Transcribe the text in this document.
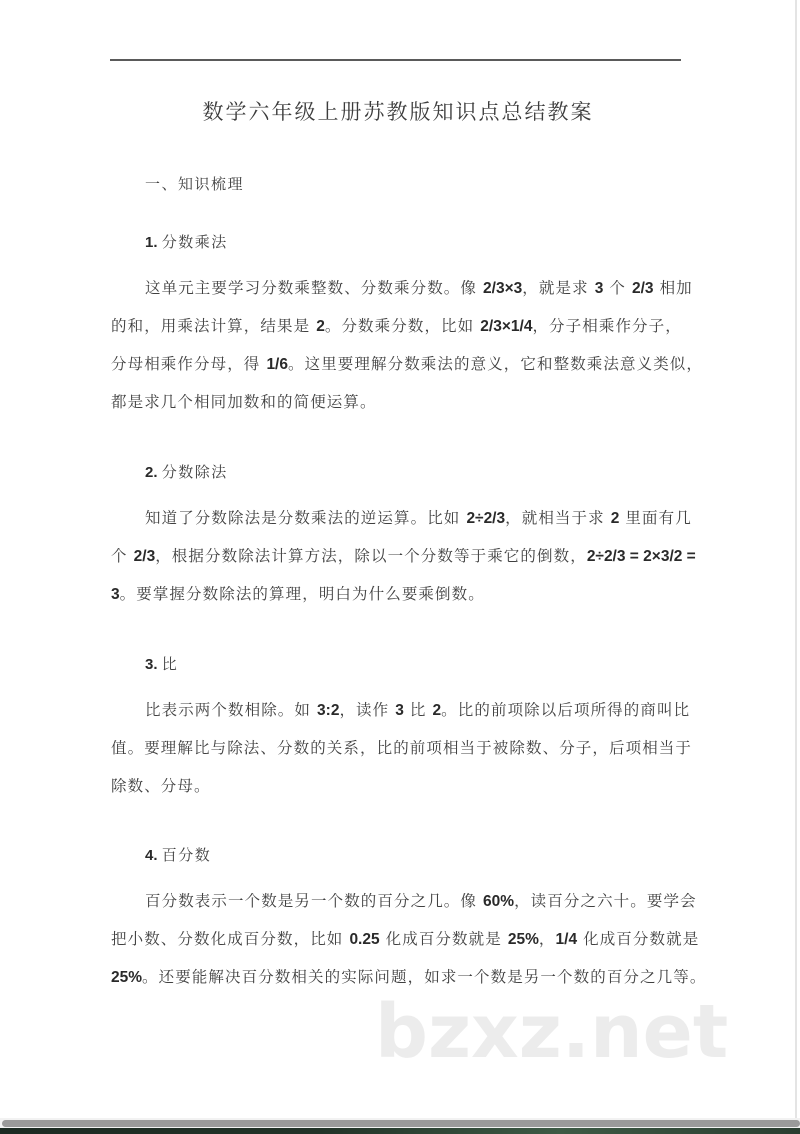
数学六年级上册苏教版知识点总结教案
一、知识梳理
1. 分数乘法
这单元主要学习分数乘整数、分数乘分数。像 2/3×3，就是求 3 个 2/3 相加
的和，用乘法计算，结果是 2。分数乘分数，比如 2/3×1/4，分子相乘作分子，
分母相乘作分母，得 1/6。这里要理解分数乘法的意义，它和整数乘法意义类似，
都是求几个相同加数和的简便运算。
2. 分数除法
知道了分数除法是分数乘法的逆运算。比如 2÷2/3，就相当于求 2 里面有几
个 2/3，根据分数除法计算方法，除以一个分数等于乘它的倒数，2÷2/3 = 2×3/2 =
3。要掌握分数除法的算理，明白为什么要乘倒数。
3. 比
比表示两个数相除。如 3:2，读作 3 比 2。比的前项除以后项所得的商叫比
值。要理解比与除法、分数的关系，比的前项相当于被除数、分子，后项相当于
除数、分母。
4. 百分数
百分数表示一个数是另一个数的百分之几。像 60%，读百分之六十。要学会
把小数、分数化成百分数，比如 0.25 化成百分数就是 25%，1/4 化成百分数就是
25%。还要能解决百分数相关的实际问题，如求一个数是另一个数的百分之几等。
bzxz.net
